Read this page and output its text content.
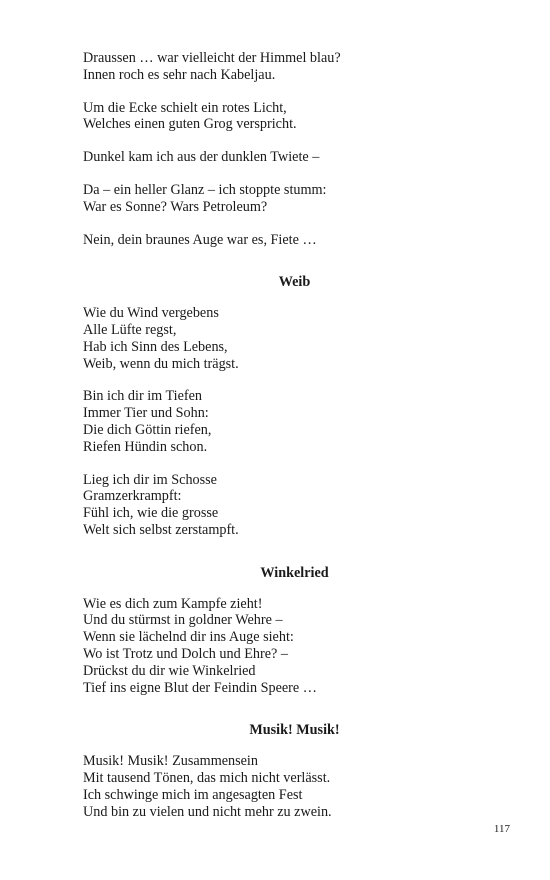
Draussen … war vielleicht der Himmel blau?
Innen roch es sehr nach Kabeljau.
Um die Ecke schielt ein rotes Licht,
Welches einen guten Grog verspricht.
Dunkel kam ich aus der dunklen Twiete –
Da – ein heller Glanz – ich stoppte stumm:
War es Sonne? Wars Petroleum?
Nein, dein braunes Auge war es, Fiete …
Weib
Wie du Wind vergebens
Alle Lüfte regst,
Hab ich Sinn des Lebens,
Weib, wenn du mich trägst.
Bin ich dir im Tiefen
Immer Tier und Sohn:
Die dich Göttin riefen,
Riefen Hündin schon.
Lieg ich dir im Schosse
Gramzerkrampft:
Fühl ich, wie die grosse
Welt sich selbst zerstampft.
Winkelried
Wie es dich zum Kampfe zieht!
Und du stürmst in goldner Wehre –
Wenn sie lächelnd dir ins Auge sieht:
Wo ist Trotz und Dolch und Ehre? –
Drückst du dir wie Winkelried
Tief ins eigne Blut der Feindin Speere …
Musik! Musik!
Musik! Musik! Zusammensein
Mit tausend Tönen, das mich nicht verlässt.
Ich schwinge mich im angesagten Fest
Und bin zu vielen und nicht mehr zu zwein.
117
